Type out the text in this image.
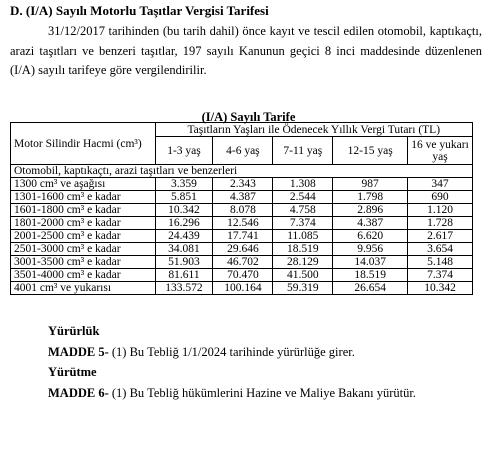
D. (I/A) Sayılı Motorlu Taşıtlar Vergisi Tarifesi
31/12/2017 tarihinden (bu tarih dahil) önce kayıt ve tescil edilen otomobil, kaptıkaçtı, arazi taşıtları ve benzeri taşıtlar, 197 sayılı Kanunun geçici 8 inci maddesinde düzenlenen (I/A) sayılı tarifeye göre vergilendirilir.
(I/A) Sayılı Tarife
Motor Silindir Hacmi (cm³)	Taşıtların Yaşları ile Ödenecek Yıllık Vergi Tutarı (TL)				
	1-3 yaş	4-6 yaş	7-11 yaş	12-15 yaş	16 ve yukarı yaş
Otomobil, kaptıkaçtı, arazi taşıtları ve benzerleri					
1300 cm³ ve aşağısı	3.359	2.343	1.308	987	347
1301-1600 cm³ e kadar	5.851	4.387	2.544	1.798	690
1601-1800 cm³ e kadar	10.342	8.078	4.758	2.896	1.120
1801-2000 cm³ e kadar	16.296	12.546	7.374	4.387	1.728
2001-2500 cm³ e kadar	24.439	17.741	11.085	6.620	2.617
2501-3000 cm³ e kadar	34.081	29.646	18.519	9.956	3.654
3001-3500 cm³ e kadar	51.903	46.702	28.129	14.037	5.148
3501-4000 cm³ e kadar	81.611	70.470	41.500	18.519	7.374
4001 cm³ ve yukarısı	133.572	100.164	59.319	26.654	10.342
Yürürlük
MADDE 5- (1) Bu Tebliğ 1/1/2024 tarihinde yürürlüğe girer.
Yürütme
MADDE 6- (1) Bu Tebliğ hükümlerini Hazine ve Maliye Bakanı yürütür.
